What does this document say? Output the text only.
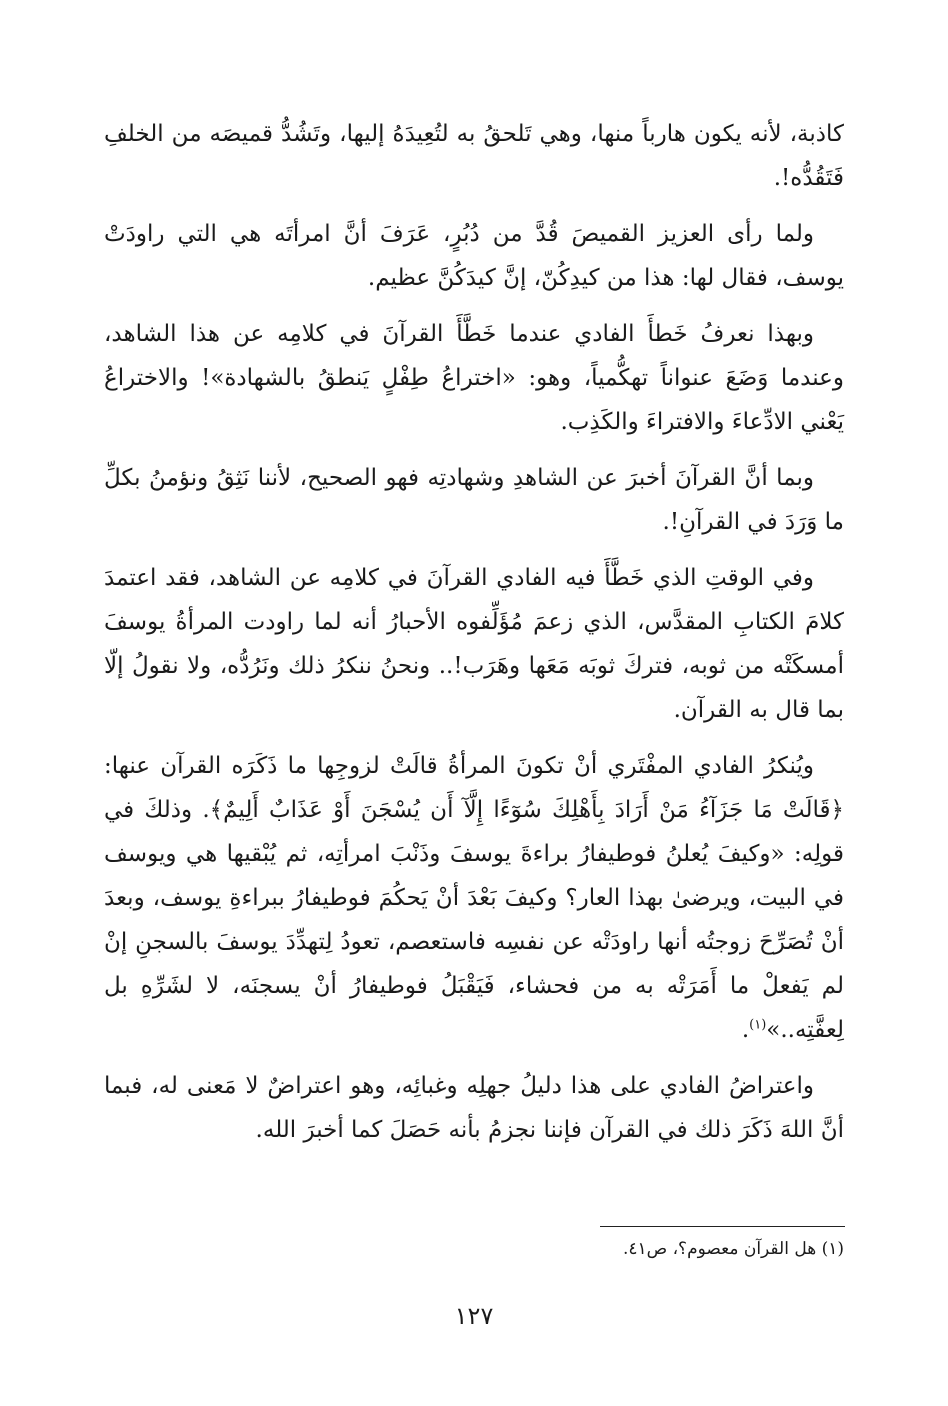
كاذبة، لأنه يكون هارباً منها، وهي تَلحقُ به لتُعِيدَهُ إليها، وتَشُدُّ قميصَه من الخلفِ فَتَقُدُّه!.

ولما رأى العزيز القميصَ قُدَّ من دُبُرٍ، عَرَفَ أنَّ امرأتَه هي التي راودَتْ يوسف، فقال لها: هذا من كيدِكُنّ، إنَّ كيدَكُنَّ عظيم.

وبهذا نعرفُ خَطأَ الفادي عندما خَطَّأَ القرآنَ في كلامِه عن هذا الشاهد، وعندما وَضَعَ عنواناً تهكُّمياً، وهو: «اختراعُ طِفْلٍ يَنطقُ بالشهادة»! والاختراعُ يَعْني الادِّعاءَ والافتراءَ والكَذِب.

وبما أنَّ القرآنَ أخبرَ عن الشاهدِ وشهادتِه فهو الصحيح، لأننا نَثِقُ ونؤمنُ بكلِّ ما وَرَدَ في القرآنِ!.

وفي الوقتِ الذي خَطَّأَ فيه الفادي القرآنَ في كلامِه عن الشاهد، فقد اعتمدَ كلامَ الكتابِ المقدَّس، الذي زعمَ مُؤَلِّفوه الأحبارُ أنه لما راودت المرأةُ يوسفَ أمسكَتْه من ثوبه، فتركَ ثوبَه مَعَها وهَرَب!.. ونحنُ ننكرُ ذلك ونَرُدُّه، ولا نقولُ إلّا بما قال به القرآن.

ويُنكرُ الفادي المفْتَري أنْ تكونَ المرأةُ قالَتْ لزوجِها ما ذَكَرَه القرآن عنها: ﴿قَالَتْ مَا جَزَآءُ مَنْ أَرَادَ بِأَهْلِكَ سُوٓءًا إِلَّآ أَن يُسْجَنَ أَوْ عَذَابٌ أَلِيمٌ﴾. وذلكَ في قولِه: «وكيفَ يُعلنُ فوطيفارُ براءةَ يوسفَ وذَنْبَ امرأتِه، ثم يُبْقيها هي ويوسف في البيت، ويرضىٰ بهذا العار؟ وكيفَ بَعْدَ أنْ يَحكُمَ فوطيفارُ ببراءةِ يوسف، وبعدَ أنْ تُصَرِّحَ زوجتُه أنها راودَتْه عن نفسِه فاستعصم، تعودُ لِتهدِّدَ يوسفَ بالسجنِ إنْ لم يَفعلْ ما أَمَرَتْه به من فحشاء، فَيَقْبَلُ فوطيفارُ أنْ يسجنَه، لا لشَرِّهِ بل لِعفَّتِه..»$^{(١)}$.

واعتراضُ الفادي على هذا دليلُ جهلِه وغبائِه، وهو اعتراضٌ لا مَعنى له، فبما أنَّ اللهَ ذَكَرَ ذلك في القرآن فإننا نجزمُ بأنه حَصَلَ كما أخبرَ الله.

(١) هل القرآن معصوم؟، ص٤١.
١٢٧
